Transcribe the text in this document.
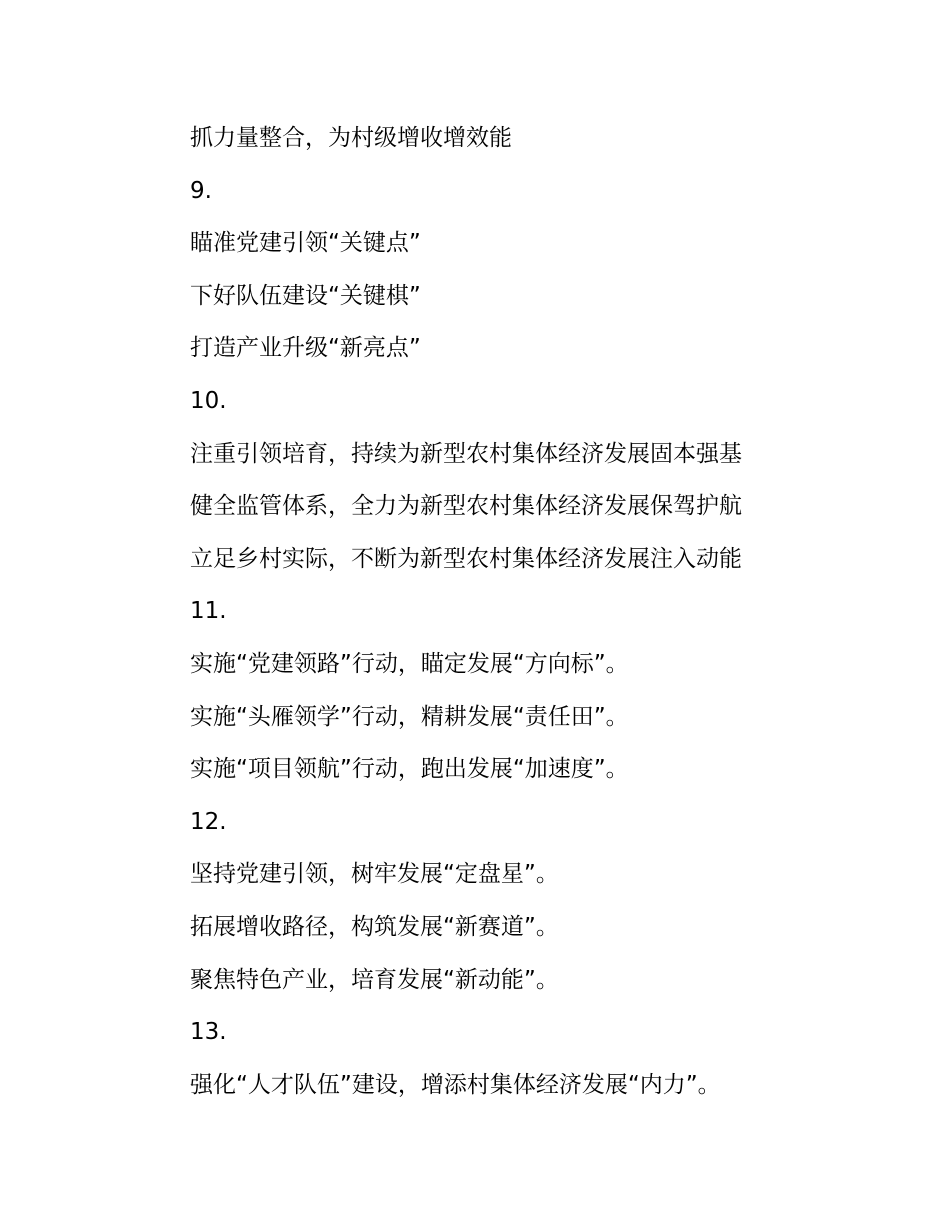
抓力量整合，为村级增收增效能
9.
瞄准党建引领“关键点”
下好队伍建设“关键棋”
打造产业升级“新亮点”
10.
注重引领培育，持续为新型农村集体经济发展固本强基
健全监管体系，全力为新型农村集体经济发展保驾护航
立足乡村实际，不断为新型农村集体经济发展注入动能
11.
实施“党建领路”行动，瞄定发展“方向标”。
实施“头雁领学”行动，精耕发展“责任田”。
实施“项目领航”行动，跑出发展“加速度”。
12.
坚持党建引领，树牢发展“定盘星”。
拓展增收路径，构筑发展“新赛道”。
聚焦特色产业，培育发展“新动能”。
13.
强化“人才队伍”建设，增添村集体经济发展“内力”。
